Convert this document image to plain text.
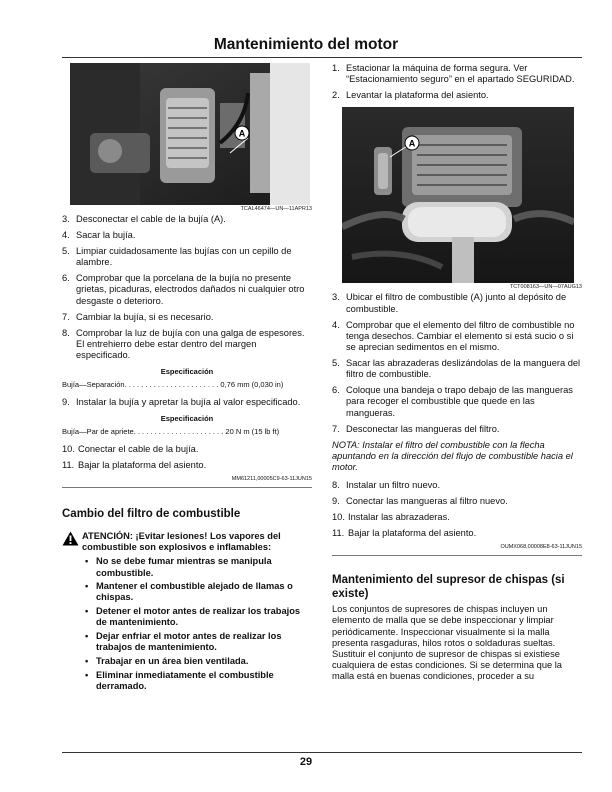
Mantenimiento del motor
A
TCAL46474—UN—11APR13
3. Desconectar el cable de la bujía (A).
4. Sacar la bujía.
5. Limpiar cuidadosamente las bujías con un cepillo de alambre.
6. Comprobar que la porcelana de la bujía no presente grietas, picaduras, electrodos dañados ni cualquier otro desgaste o deterioro.
7. Cambiar la bujía, si es necesario.
8. Comprobar la luz de bujía con una galga de espesores. El entrehierro debe estar dentro del margen especificado.
Especificación
Bujía—Separación. . . . . . . . . . . . . . . . . . . . . . . 0,76 mm (0,030 in)
9. Instalar la bujía y apretar la bujía al valor especificado.
Especificación
Bujía—Par de apriete. . . . . . . . . . . . . . . . . . . . . . 20 N m (15 lb ft)
10. Conectar el cable de la bujía.
11. Bajar la plataforma del asiento.
MM61211,00005C9-63-11JUN15
Cambio del filtro de combustible
ATENCIÓN: ¡Evitar lesiones! Los vapores del combustible son explosivos e inflamables:
• No se debe fumar mientras se manipula combustible.
• Mantener el combustible alejado de llamas o chispas.
• Detener el motor antes de realizar los trabajos de mantenimiento.
• Dejar enfriar el motor antes de realizar los trabajos de mantenimiento.
• Trabajar en un área bien ventilada.
• Eliminar inmediatamente el combustible derramado.
1. Estacionar la máquina de forma segura. Ver “Estacionamiento seguro” en el apartado SEGURIDAD.
2. Levantar la plataforma del asiento.
A
TCT008163—UN—07AUG13
3. Ubicar el filtro de combustible (A) junto al depósito de combustible.
4. Comprobar que el elemento del filtro de combustible no tenga desechos. Cambiar el elemento si está sucio o si se aprecian sedimentos en el mismo.
5. Sacar las abrazaderas deslizándolas de la manguera del filtro de combustible.
6. Coloque una bandeja o trapo debajo de las mangueras para recoger el combustible que quede en las mangueras.
7. Desconectar las mangueras del filtro.
NOTA: Instalar el filtro del combustible con la flecha apuntando en la dirección del flujo de combustible hacia el motor.
8. Instalar un filtro nuevo.
9. Conectar las mangueras al filtro nuevo.
10. Instalar las abrazaderas.
11. Bajar la plataforma del asiento.
OUMX068,00008E8-63-11JUN15
Mantenimiento del supresor de chispas (si existe)
Los conjuntos de supresores de chispas incluyen un elemento de malla que se debe inspeccionar y limpiar periódicamente. Inspeccionar visualmente si la malla presenta rasgaduras, hilos rotos o soldaduras sueltas. Sustituir el conjunto de supresor de chispas si existiese cualquiera de estas condiciones. Si se determina que la malla está en buenas condiciones, proceder a su
29
